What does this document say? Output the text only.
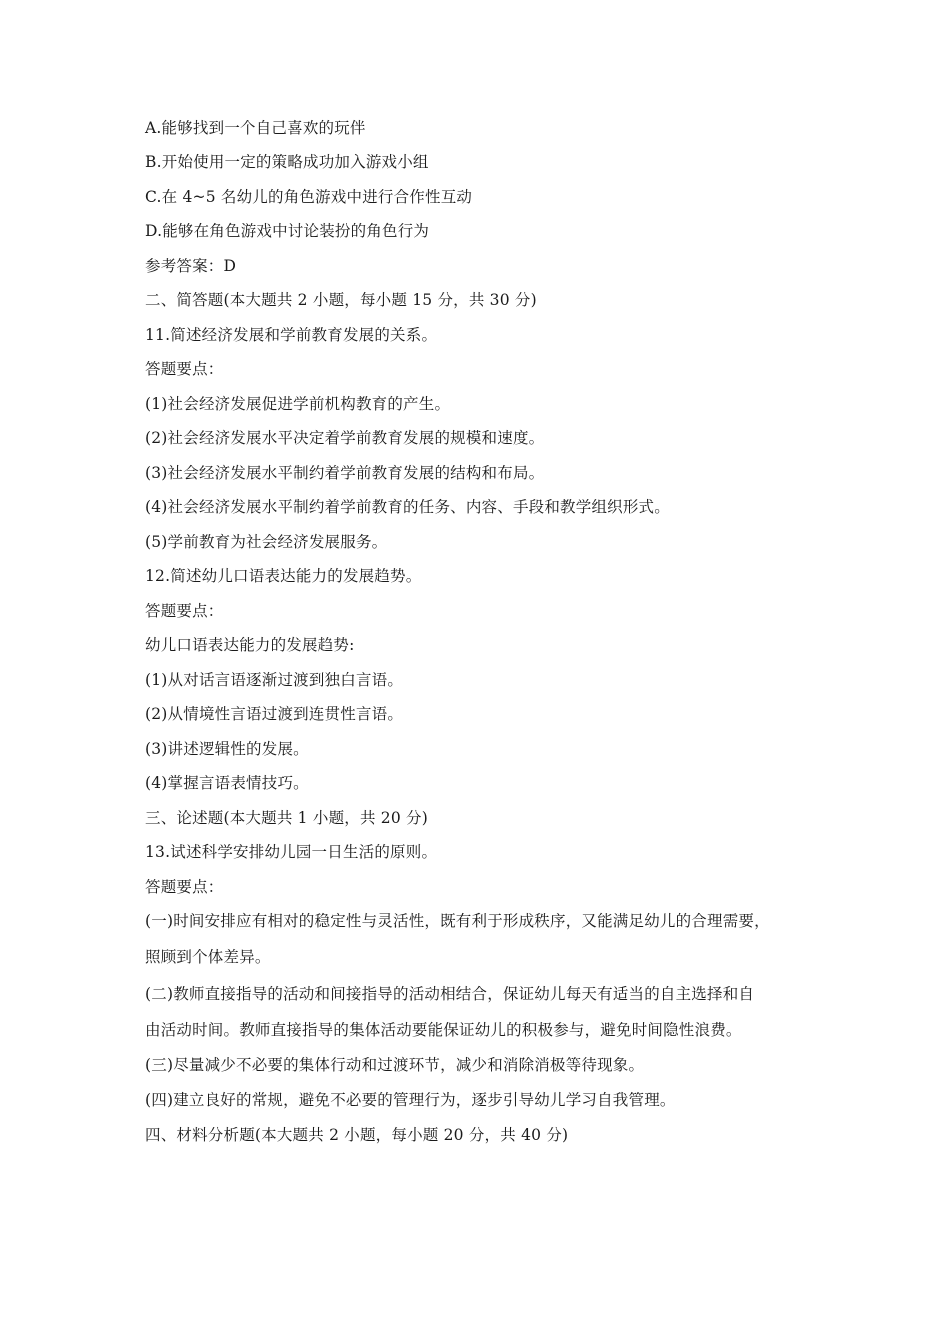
A.能够找到一个自己喜欢的玩伴
B.开始使用一定的策略成功加入游戏小组
C.在 4~5 名幼儿的角色游戏中进行合作性互动
D.能够在角色游戏中讨论装扮的角色行为
参考答案：D
二、简答题(本大题共 2 小题，每小题 15 分，共 30 分)
11.简述经济发展和学前教育发展的关系。
答题要点：
(1)社会经济发展促进学前机构教育的产生。
(2)社会经济发展水平决定着学前教育发展的规模和速度。
(3)社会经济发展水平制约着学前教育发展的结构和布局。
(4)社会经济发展水平制约着学前教育的任务、内容、手段和教学组织形式。
(5)学前教育为社会经济发展服务。
12.简述幼儿口语表达能力的发展趋势。
答题要点：
幼儿口语表达能力的发展趋势:
(1)从对话言语逐渐过渡到独白言语。
(2)从情境性言语过渡到连贯性言语。
(3)讲述逻辑性的发展。
(4)掌握言语表情技巧。
三、论述题(本大题共 1 小题，共 20 分)
13.试述科学安排幼儿园一日生活的原则。
答题要点：
(一)时间安排应有相对的稳定性与灵活性，既有利于形成秩序，又能满足幼儿的合理需要，
照顾到个体差异。
(二)教师直接指导的活动和间接指导的活动相结合，保证幼儿每天有适当的自主选择和自
由活动时间。教师直接指导的集体活动要能保证幼儿的积极参与，避免时间隐性浪费。
(三)尽量减少不必要的集体行动和过渡环节，减少和消除消极等待现象。
(四)建立良好的常规，避免不必要的管理行为，逐步引导幼儿学习自我管理。
四、材料分析题(本大题共 2 小题，每小题 20 分，共 40 分)
